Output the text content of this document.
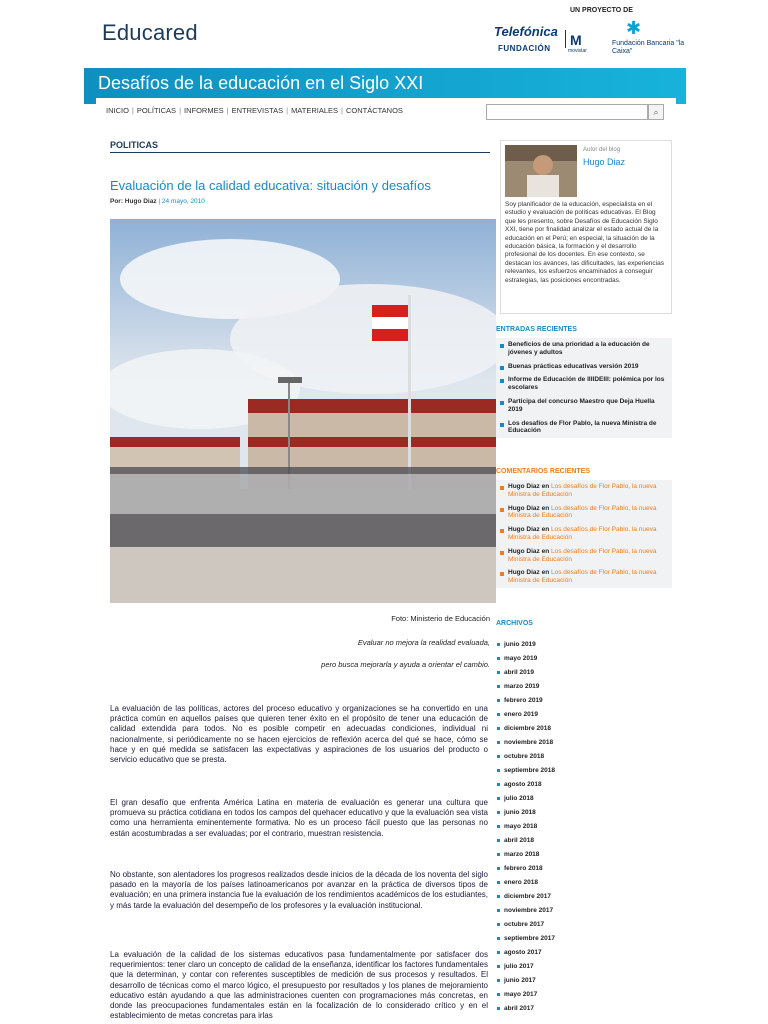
Educared
UN PROYECTO DE
Telefónica
FUNDACIÓN
M
movistar
✱
Fundación Bancaria "la Caixa"
Desafíos de la educación en el Siglo XXI
INICIO | POLÍTICAS | INFORMES | ENTREVISTAS | MATERIALES | CONTÁCTANOS	⌕
POLITICAS
Evaluación de la calidad educativa: situación y desafíos
Por: Hugo Diaz | 24 mayo, 2010
Foto: Ministerio de Educación
Evaluar no mejora la realidad evaluada,
pero busca mejorarla y ayuda a orientar el cambio.
La evaluación de las políticas, actores del proceso educativo y organizaciones se ha convertido en una práctica común en aquellos países que quieren tener éxito en el propósito de tener una educación de calidad extendida para todos. No es posible competir en adecuadas condiciones, individual ni nacionalmente, si periódicamente no se hacen ejercicios de reflexión acerca del qué se hace, cómo se hace y en qué medida se satisfacen las expectativas y aspiraciones de los usuarios del producto o servicio educativo que se presta.
El gran desafío que enfrenta América Latina en materia de evaluación es generar una cultura que promueva su práctica cotidiana en todos los campos del quehacer educativo y que la evaluación sea vista como una herramienta eminentemente formativa. No es un proceso fácil puesto que las personas no están acostumbradas a ser evaluadas; por el contrario, muestran resistencia.
No obstante, son alentadores los progresos realizados desde inicios de la década de los noventa del siglo pasado en la mayoría de los países latinoamericanos por avanzar en la práctica de diversos tipos de evaluación; en una primera instancia fue la evaluación de los rendimientos académicos de los estudiantes, y más tarde la evaluación del desempeño de los profesores y la evaluación institucional.
La evaluación de la calidad de los sistemas educativos pasa fundamentalmente por satisfacer dos requerimientos: tener claro un concepto de calidad de la enseñanza, identificar los factores fundamentales que la determinan, y contar con referentes susceptibles de medición de sus procesos y resultados. El desarrollo de técnicas como el marco lógico, el presupuesto por resultados y los planes de mejoramiento educativo están ayudando a que las administraciones cuenten con programaciones más concretas, en donde las preocupaciones fundamentales están en la focalización de lo considerado crítico y en el establecimiento de metas concretas para irlas
Autor del blog
Hugo Diaz
Soy planificador de la educación, especialista en el estudio y evaluación de políticas educativas. El Blog que les presento, sobre Desafíos de Educación Siglo XXI, tiene por finalidad analizar el estado actual de la educación en el Perú; en especial, la situación de la educación básica, la formación y el desarrollo profesional de los docentes. En ese contexto, se destacan los avances, las dificultades, las experiencias relevantes, los esfuerzos encaminados a conseguir estrategias, las posiciones encontradas.
ENTRADAS RECIENTES
Beneficios de una prioridad a la educación de jóvenes y adultos
Buenas prácticas educativas versión 2019
Informe de Educación de IIIIDEIII: polémica por los escolares
Participa del concurso Maestro que Deja Huella 2019
Los desafíos de Flor Pablo, la nueva Ministra de Educación
COMENTARIOS RECIENTES
Hugo Diaz en Los desafíos de Flor Pablo, la nueva Ministra de Educación
Hugo Diaz en Los desafíos de Flor Pablo, la nueva Ministra de Educación
Hugo Diaz en Los desafíos de Flor Pablo, la nueva Ministra de Educación
Hugo Diaz en Los desafíos de Flor Pablo, la nueva Ministra de Educación
Hugo Diaz en Los desafíos de Flor Pablo, la nueva Ministra de Educación
ARCHIVOS
junio 2019
mayo 2019
abril 2019
marzo 2019
febrero 2019
enero 2019
diciembre 2018
noviembre 2018
octubre 2018
septiembre 2018
agosto 2018
julio 2018
junio 2018
mayo 2018
abril 2018
marzo 2018
febrero 2018
enero 2018
diciembre 2017
noviembre 2017
octubre 2017
septiembre 2017
agosto 2017
julio 2017
junio 2017
mayo 2017
abril 2017
